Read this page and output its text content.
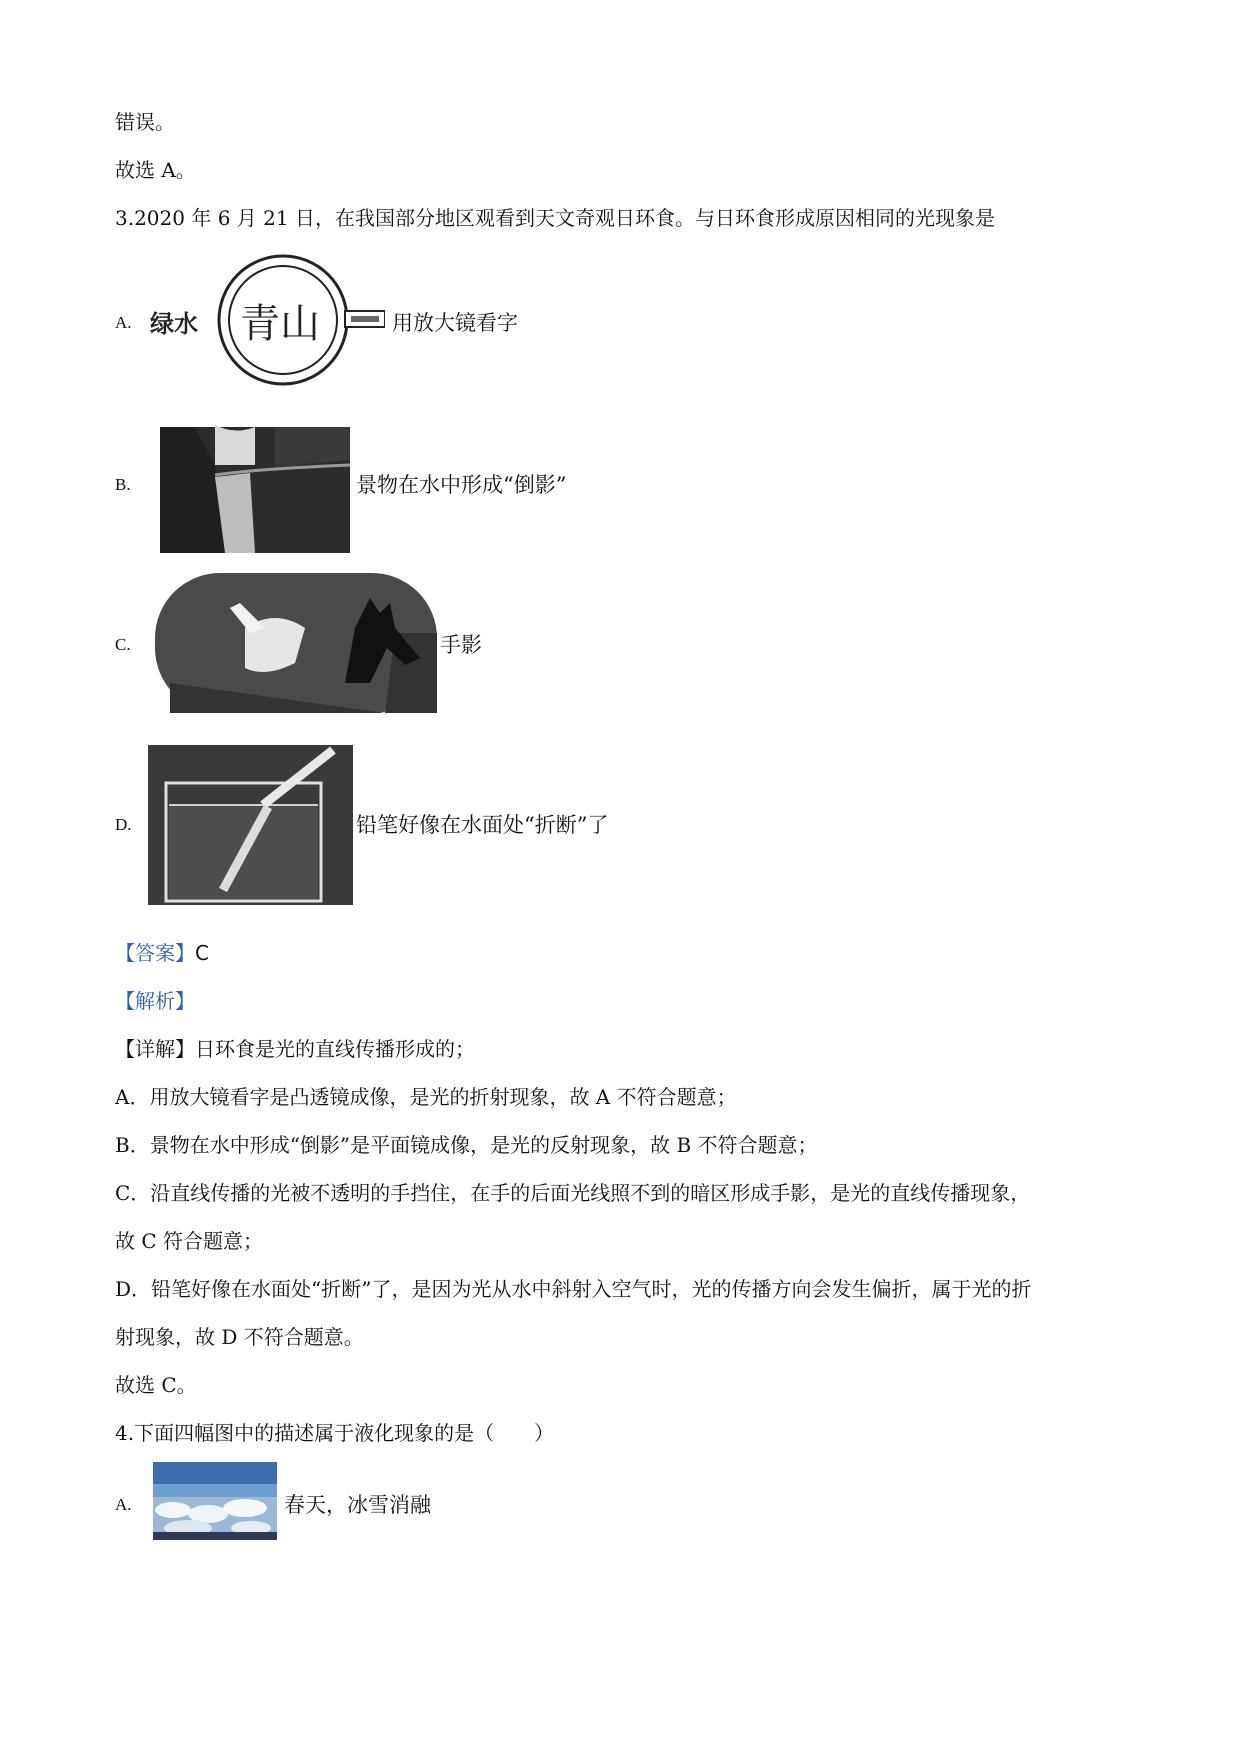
错误。
故选 A。
3.2020 年 6 月 21 日，在我国部分地区观看到天文奇观日环食。与日环食形成原因相同的光现象是
A. 绿水 青山	用放大镜看字
B.	景物在水中形成“倒影”
C.	手影
D.	铅笔好像在水面处“折断”了
【答案】C
【解析】
【详解】日环食是光的直线传播形成的；
A．用放大镜看字是凸透镜成像，是光的折射现象，故 A 不符合题意；
B．景物在水中形成“倒影”是平面镜成像，是光的反射现象，故 B 不符合题意；
C．沿直线传播的光被不透明的手挡住，在手的后面光线照不到的暗区形成手影，是光的直线传播现象，
故 C 符合题意；
D．铅笔好像在水面处“折断”了，是因为光从水中斜射入空气时，光的传播方向会发生偏折，属于光的折
射现象，故 D 不符合题意。
故选 C。
4.下面四幅图中的描述属于液化现象的是（　　）
A.	春天，冰雪消融
